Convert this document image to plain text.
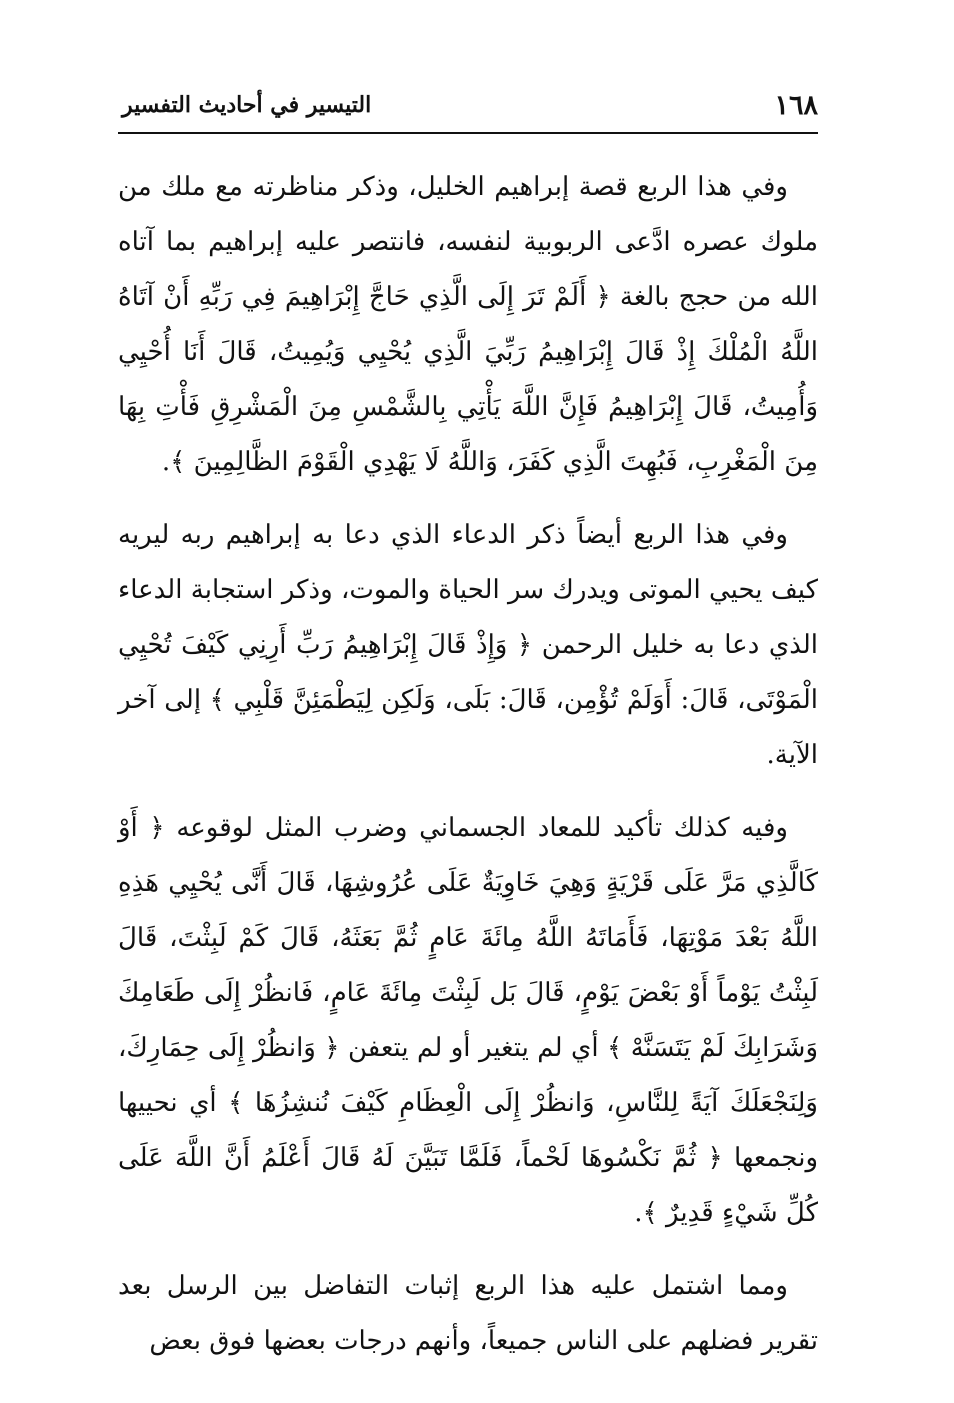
١٦٨
التيسير في أحاديث التفسير

وفي هذا الربع قصة إبراهيم الخليل، وذكر مناظرته مع ملك من ملوك عصره ادَّعى الربوبية لنفسه، فانتصر عليه إبراهيم بما آتاه الله من حجج بالغة ﴿ أَلَمْ تَرَ إِلَى الَّذِي حَاجَّ إِبْرَاهِيمَ فِي رَبِّهِ أَنْ آتَاهُ اللَّهُ الْمُلْكَ إِذْ قَالَ إِبْرَاهِيمُ رَبِّيَ الَّذِي يُحْيِي وَيُمِيتُ، قَالَ أَنَا أُحْيِي وَأُمِيتُ، قَالَ إِبْرَاهِيمُ فَإِنَّ اللَّهَ يَأْتِي بِالشَّمْسِ مِنَ الْمَشْرِقِ فَأْتِ بِهَا مِنَ الْمَغْرِبِ، فَبُهِتَ الَّذِي كَفَرَ، وَاللَّهُ لَا يَهْدِي الْقَوْمَ الظَّالِمِينَ ﴾.

وفي هذا الربع أيضاً ذكر الدعاء الذي دعا به إبراهيم ربه ليريه كيف يحيي الموتى ويدرك سر الحياة والموت، وذكر استجابة الدعاء الذي دعا به خليل الرحمن ﴿ وَإِذْ قَالَ إِبْرَاهِيمُ رَبِّ أَرِنِي كَيْفَ تُحْيِي الْمَوْتَى، قَالَ: أَوَلَمْ تُؤْمِن، قَالَ: بَلَى، وَلَكِن لِيَطْمَئِنَّ قَلْبِي ﴾ إلى آخر الآية.

وفيه كذلك تأكيد للمعاد الجسماني وضرب المثل لوقوعه ﴿ أَوْ كَالَّذِي مَرَّ عَلَى قَرْيَةٍ وَهِيَ خَاوِيَةٌ عَلَى عُرُوشِهَا، قَالَ أَنَّى يُحْيِي هَذِهِ اللَّهُ بَعْدَ مَوْتِهَا، فَأَمَاتَهُ اللَّهُ مِائَةَ عَامٍ ثُمَّ بَعَثَهُ، قَالَ كَمْ لَبِثْتَ، قَالَ لَبِثْتُ يَوْماً أَوْ بَعْضَ يَوْمٍ، قَالَ بَل لَبِثْتَ مِائَةَ عَامٍ، فَانظُرْ إِلَى طَعَامِكَ وَشَرَابِكَ لَمْ يَتَسَنَّهْ ﴾ أي لم يتغير أو لم يتعفن ﴿ وَانظُرْ إِلَى حِمَارِكَ، وَلِنَجْعَلَكَ آيَةً لِلنَّاسِ، وَانظُرْ إِلَى الْعِظَامِ كَيْفَ نُنشِزُهَا ﴾ أي نحييها ونجمعها ﴿ ثُمَّ نَكْسُوهَا لَحْماً، فَلَمَّا تَبَيَّنَ لَهُ قَالَ أَعْلَمُ أَنَّ اللَّهَ عَلَى كُلِّ شَيْءٍ قَدِيرٌ ﴾.

ومما اشتمل عليه هذا الربع إثبات التفاضل بين الرسل بعد تقرير فضلهم على الناس جميعاً، وأنهم درجات بعضها فوق بعض
